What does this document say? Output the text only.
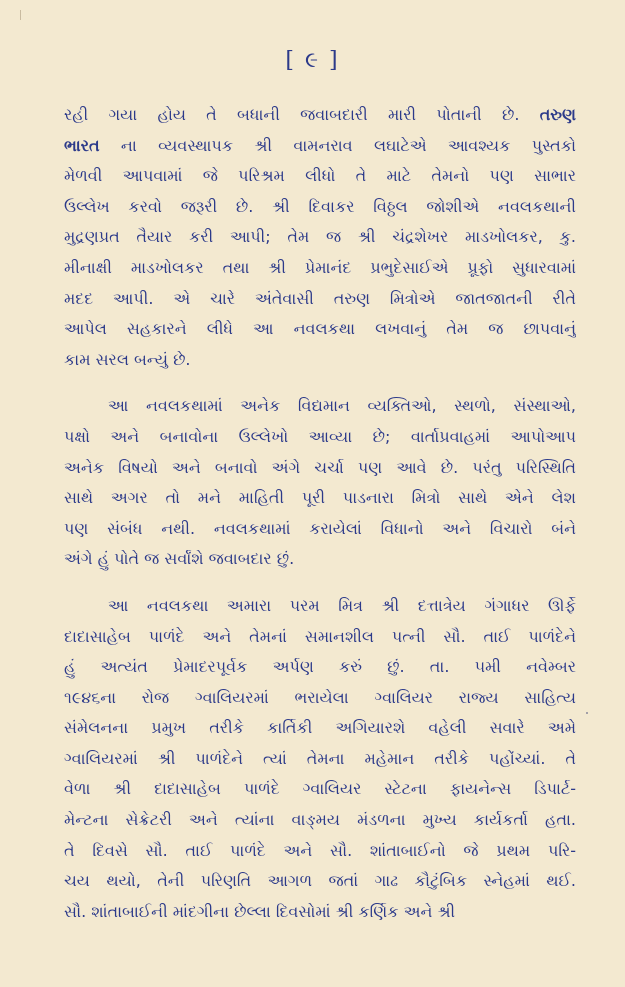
[ ૯ ]
રહી ગયા હોય તે બધાની જવાબદારી મારી પોતાની છે. તરુણ
ભારત ના વ્યવસ્થાપક શ્રી વામનરાવ લઘાટેએ આવશ્યક પુસ્તકો
મેળવી આપવામાં જે પરિશ્રમ લીધો તે માટે તેમનો પણ સાભાર
ઉલ્લેખ કરવો જરૂરી છે. શ્રી દિવાકર વિઠ્ઠલ જોશીએ નવલકથાની
મુદ્રણપ્રત તૈયાર કરી આપી; તેમ જ શ્રી ચંદ્રશેખર માડખોલકર, કુ.
મીનાક્ષી માડખોલકર તથા શ્રી પ્રેમાનંદ પ્રભુદેસાઈએ પ્રૂફો સુધારવામાં
મદદ આપી. એ ચારે અંતેવાસી તરુણ મિત્રોએ જાતજાતની રીતે
આપેલ સહકારને લીધે આ નવલકથા લખવાનું તેમ જ છાપવાનું
કામ સરલ બન્યું છે.
આ નવલકથામાં અનેક વિદ્યમાન વ્યક્તિઓ, સ્થળો, સંસ્થાઓ,
પક્ષો અને બનાવોના ઉલ્લેખો આવ્યા છે; વાર્તાપ્રવાહમાં આપોઆપ
અનેક વિષયો અને બનાવો અંગે ચર્ચા પણ આવે છે. પરંતુ પરિસ્થિતિ
સાથે અગર તો મને માહિતી પૂરી પાડનારા મિત્રો સાથે એને લેશ
પણ સંબંધ નથી. નવલકથામાં કરાયેલાં વિધાનો અને વિચારો બંને
અંગે હું પોતે જ સર્વાંશે જવાબદાર છું.
આ નવલકથા અમારા પરમ મિત્ર શ્રી દત્તાત્રેય ગંગાધર ઊર્ફે
દાદાસાહેબ પાળંદે અને તેમનાં સમાનશીલ પત્ની સૌ. તાઈ પાળંદેને
હું અત્યંત પ્રેમાદરપૂર્વક અર્પણ કરું છું. તા. ૫મી નવેમ્બર
૧૯૪૬ના રોજ ગ્વાલિયરમાં ભરાયેલા ગ્વાલિયર રાજ્ય સાહિત્ય
સંમેલનના પ્રમુખ તરીકે કાર્તિકી અગિયારશે વહેલી સવારે અમે
ગ્વાલિયરમાં શ્રી પાળંદેને ત્યાં તેમના મહેમાન તરીકે પહોંચ્યાં. તે
વેળા શ્રી દાદાસાહેબ પાળંદે ગ્વાલિયર સ્ટેટના ફાયનેન્સ ડિપાર્ટ-
મેન્ટના સેક્રેટરી અને ત્યાંના વાઙ્મય મંડળના મુખ્ય કાર્યકર્તા હતા.
તે દિવસે સૌ. તાઈ પાળંદે અને સૌ. શાંતાબાઈનો જે પ્રથમ પરિ-
ચય થયો, તેની પરિણતિ આગળ જતાં ગાઢ કૌટુંબિક સ્નેહમાં થઈ.
સૌ. શાંતાબાઈની માંદગીના છેલ્લા દિવસોમાં શ્રી કર્ણિક અને શ્રી
